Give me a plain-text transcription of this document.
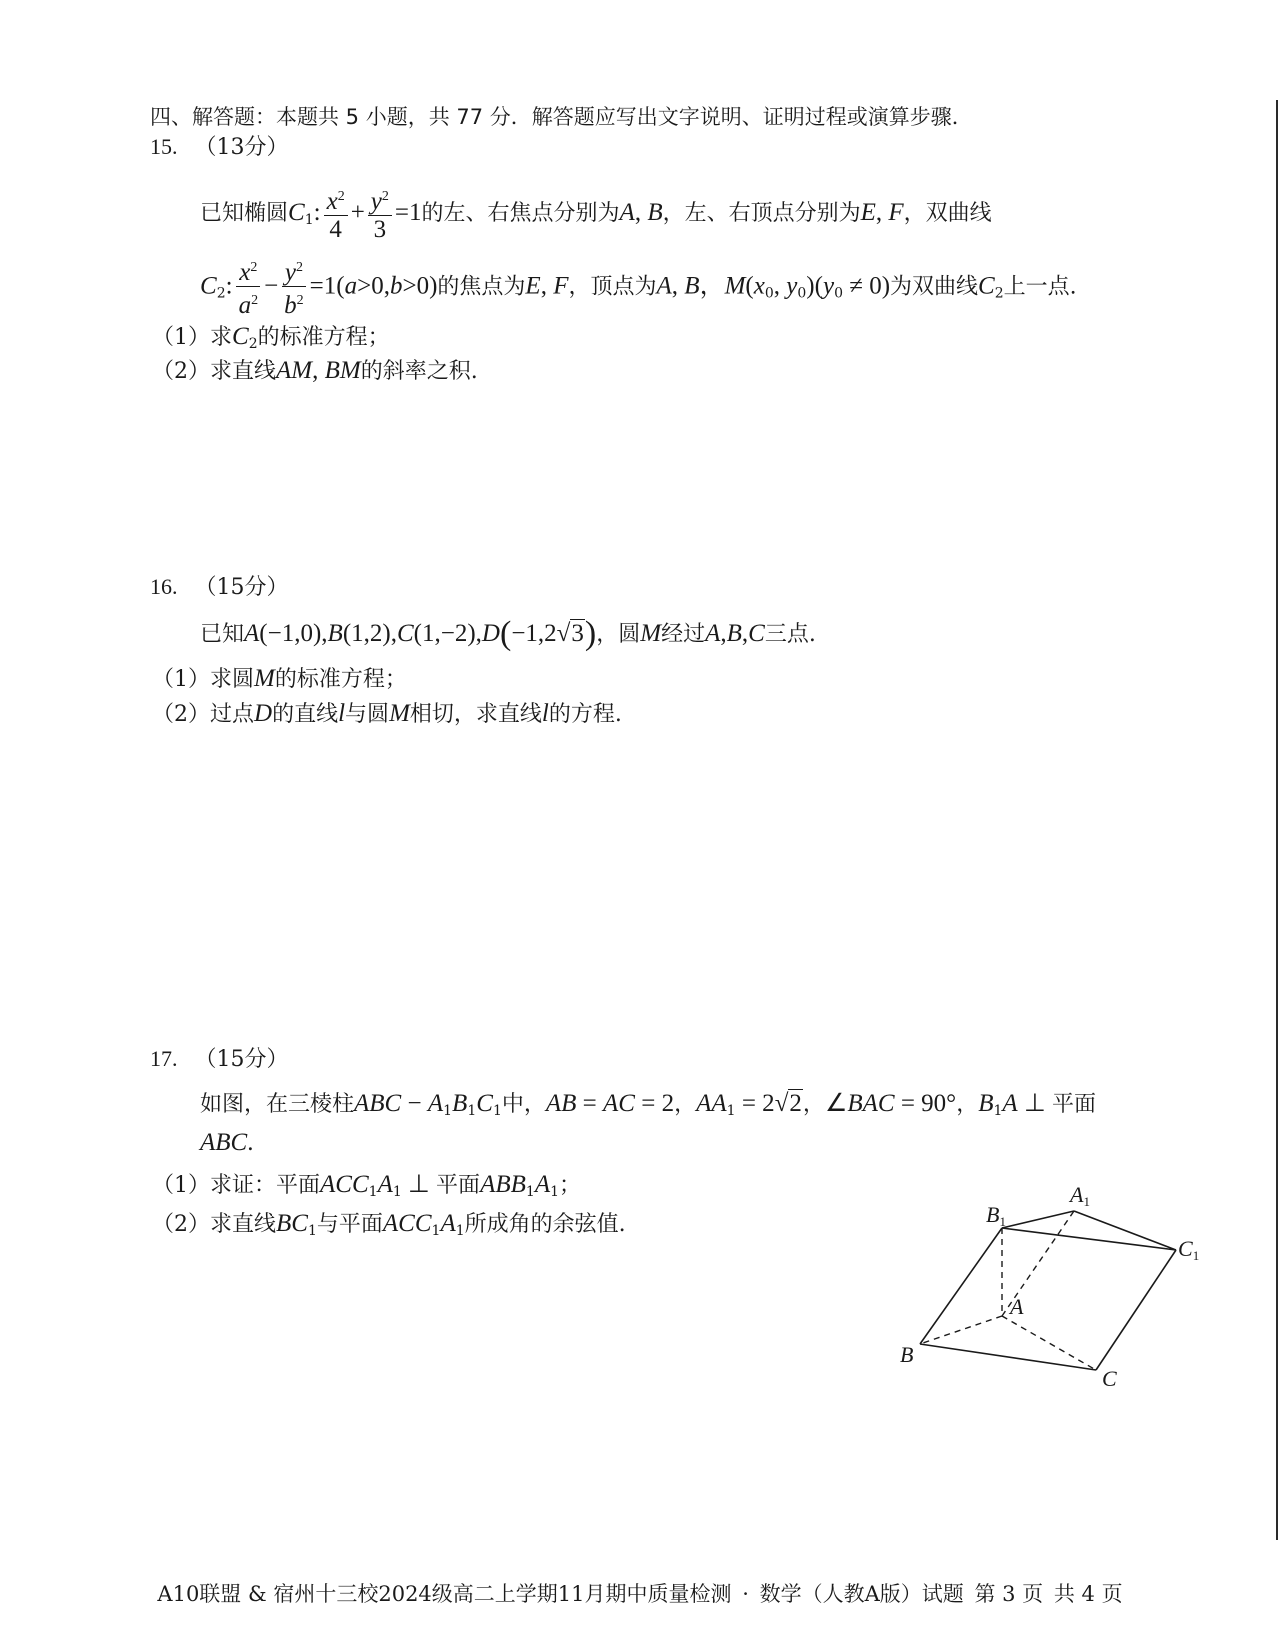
四、解答题：本题共 5 小题，共 77 分．解答题应写出文字说明、证明过程或演算步骤．
15. （13分）
已知椭圆$C_1$: $\frac{x^2}{4} + \frac{y^2}{3} =1$的左、右焦点分别为A, B，左、右顶点分别为E, F，双曲线
$C_2$: $\frac{x^2}{a^2} - \frac{y^2}{b^2} =1(a>0,b>0)$的焦点为E, F，顶点为A, B，$M(x_0$, $y_0)(y_0 \ne 0)$为双曲线$C_2$上一点.
（1）求$C_2$的标准方程；
（2）求直线AM, BM的斜率之积.
16. （15分）
已知A(−1,0),B(1,2),C(1,−2),D(−1,2√3)，圆M经过A,B,C三点.
（1）求圆M的标准方程；
（2）过点D的直线l与圆M相切，求直线l的方程.
17. （15分）
如图，在三棱柱ABC − $A_1B_1C_1$中，AB = AC = 2，$AA_1 = 2√2$，∠BAC = 90°，$B_1A$ ⊥ 平面
ABC.
（1）求证：平面$ACC_1A_1$ ⊥ 平面$ABB_1A_1$；
（2）求直线$BC_1$与平面$ACC_1A_1$所成角的余弦值.	B1
A1
C1
A
B
C
A10联盟 & 宿州十三校2024级高二上学期11月期中质量检测 · 数学（人教A版）试题 第 3 页 共 4 页
